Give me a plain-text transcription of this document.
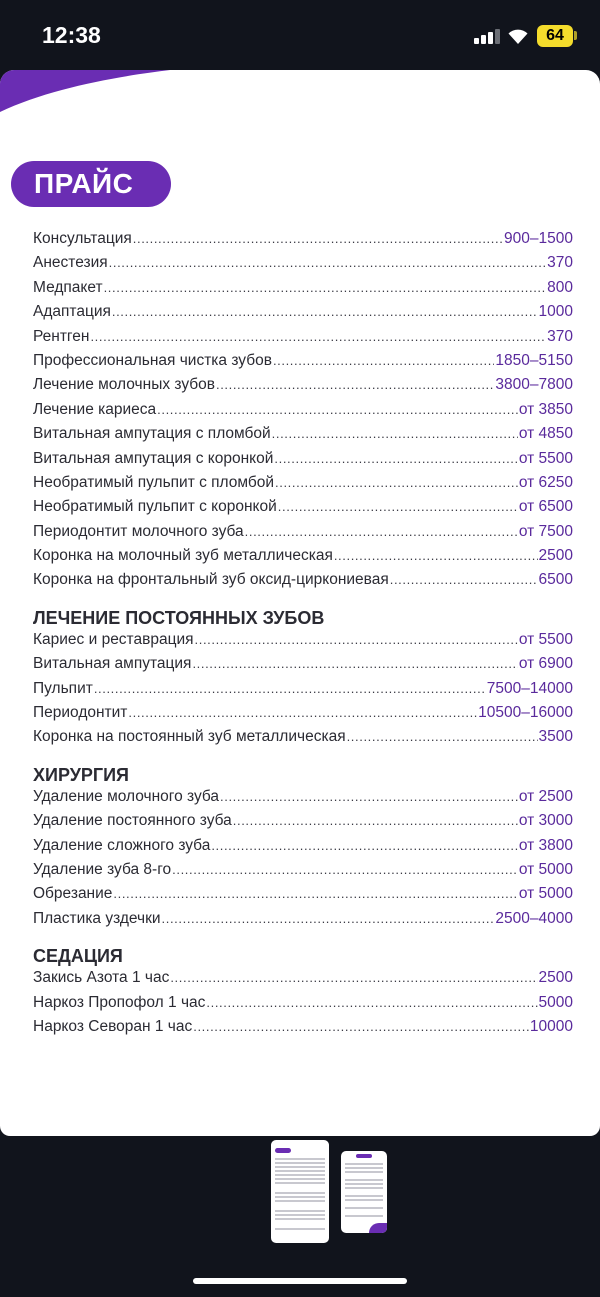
12:38	64
ПРАЙС
Консультация .....	900–1500
Анестезия .....	370
Медпакет .....	800
Адаптация .....	1000
Рентген .....	370
Профессиональная чистка зубов .....	1850–5150
Лечение молочных зубов .....	3800–7800
Лечение кариеса .....	от 3850
Витальная ампутация с пломбой .....	от 4850
Витальная ампутация с коронкой .....	от 5500
Необратимый пульпит с пломбой .....	от 6250
Необратимый пульпит с коронкой .....	от 6500
Периодонтит молочного зуба .....	от 7500
Коронка на молочный зуб металлическая .....	2500
Коронка на фронтальный зуб оксид-циркониевая .....	6500
ЛЕЧЕНИЕ ПОСТОЯННЫХ ЗУБОВ
Кариес и реставрация .....	от 5500
Витальная ампутация .....	от 6900
Пульпит .....	7500–14000
Периодонтит .....	10500–16000
Коронка на постоянный зуб металлическая .....	3500
ХИРУРГИЯ
Удаление молочного зуба .....	от 2500
Удаление постоянного зуба .....	от 3000
Удаление сложного зуба .....	от 3800
Удаление зуба 8-го .....	от 5000
Обрезание .....	от 5000
Пластика уздечки .....	2500–4000
СЕДАЦИЯ
Закись Азота 1 час .....	2500
Наркоз Пропофол 1 час .....	5000
Наркоз Севоран 1 час .....	10000
